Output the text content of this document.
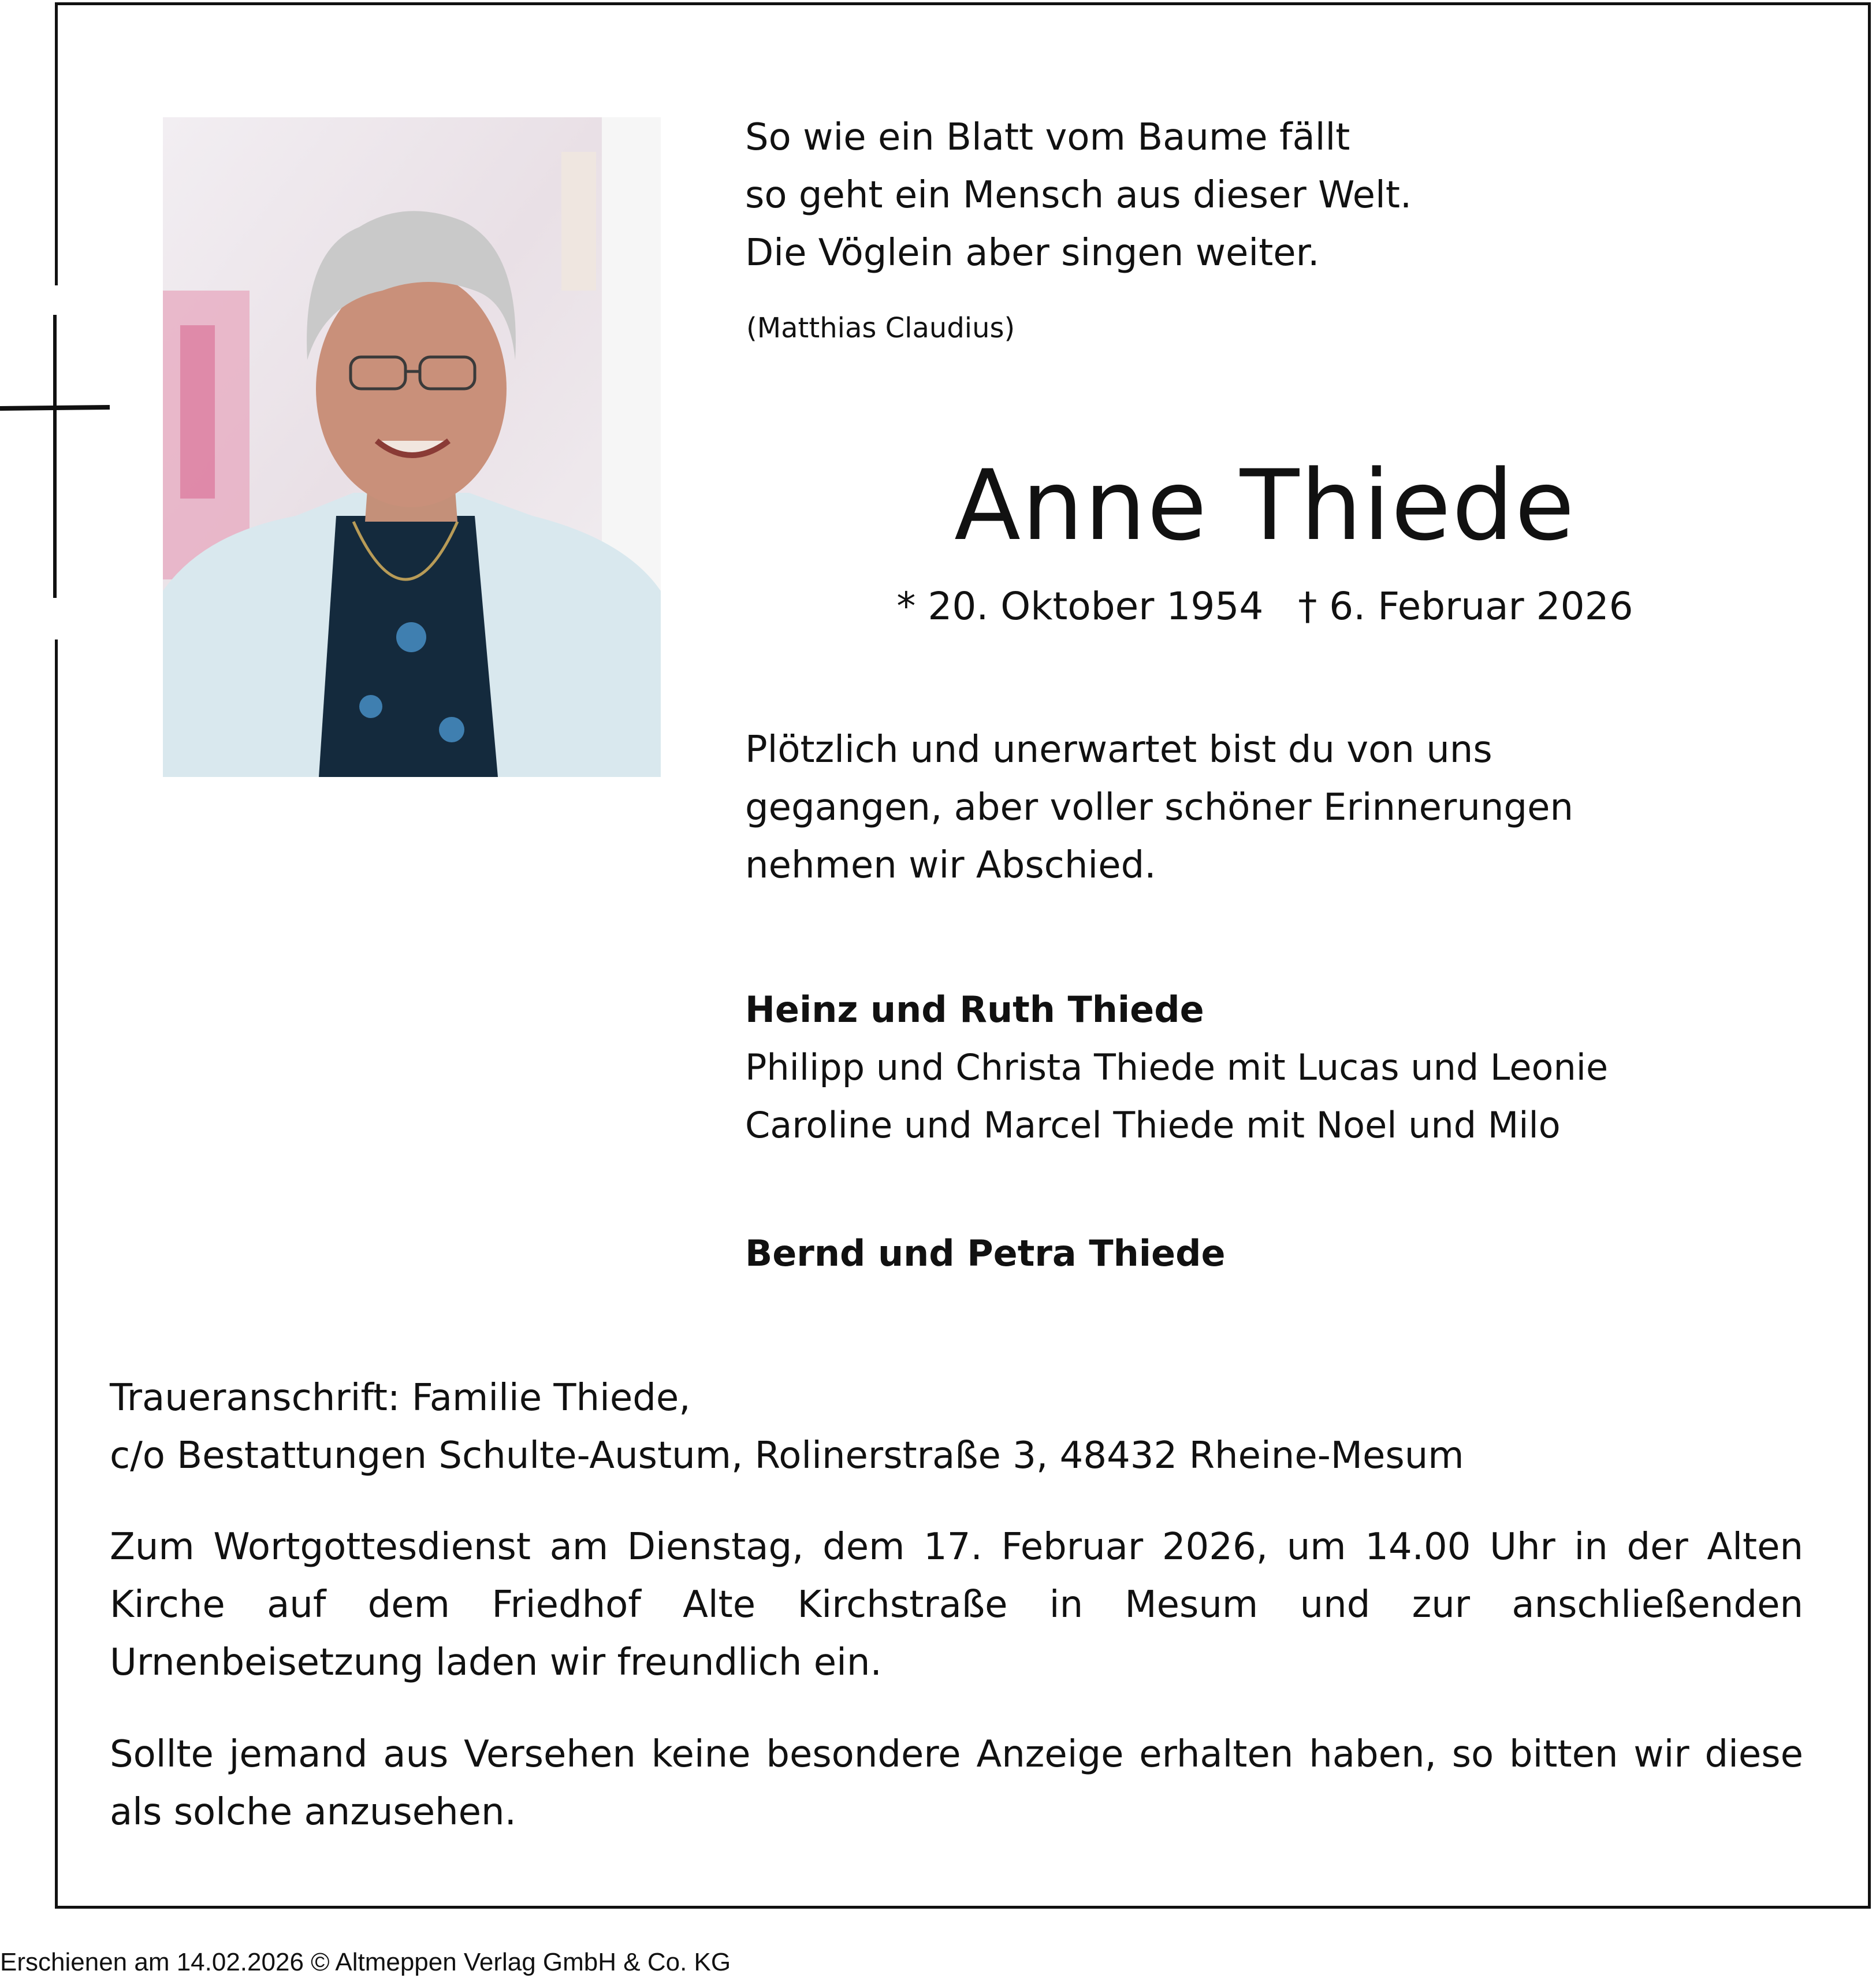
So wie ein Blatt vom Baume fällt
so geht ein Mensch aus dieser Welt.
Die Vöglein aber singen weiter.
(Matthias Claudius)
Anne Thiede
* 20. Oktober 1954 † 6. Februar 2026
Plötzlich und unerwartet bist du von uns
gegangen, aber voller schöner Erinnerungen
nehmen wir Abschied.
Heinz und Ruth Thiede
Philipp und Christa Thiede mit Lucas und Leonie
Caroline und Marcel Thiede mit Noel und Milo
Bernd und Petra Thiede
Traueranschrift: Familie Thiede,
c/o Bestattungen Schulte-Austum, Rolinerstraße 3, 48432 Rheine-Mesum
Zum Wortgottesdienst am Dienstag, dem 17. Februar 2026, um 14.00 Uhr in der Alten Kirche auf dem Friedhof Alte Kirchstraße in Mesum und zur anschließenden Urnenbeisetzung laden wir freundlich ein.
Sollte jemand aus Versehen keine besondere Anzeige erhalten haben, so bitten wir diese als solche anzusehen.
Erschienen am 14.02.2026 © Altmeppen Verlag GmbH & Co. KG
